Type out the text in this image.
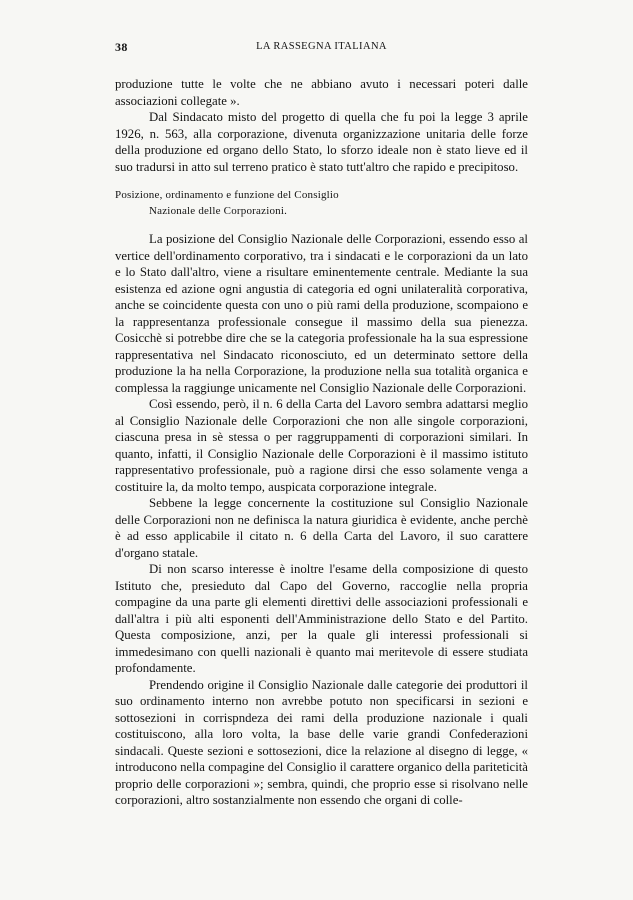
38	LA RASSEGNA ITALIANA

produzione tutte le volte che ne abbiano avuto i necessari poteri dalle associazioni collegate ».

Dal Sindacato misto del progetto di quella che fu poi la legge 3 aprile 1926, n. 563, alla corporazione, divenuta organizzazione unitaria delle forze della produzione ed organo dello Stato, lo sforzo ideale non è stato lieve ed il suo tradursi in atto sul terreno pratico è stato tutt'altro che rapido e precipitoso.

Posizione, ordinamento e funzione del Consiglio
Nazionale delle Corporazioni.

La posizione del Consiglio Nazionale delle Corporazioni, essendo esso al vertice dell'ordinamento corporativo, tra i sindacati e le corporazioni da un lato e lo Stato dall'altro, viene a risultare eminentemente centrale. Mediante la sua esistenza ed azione ogni angustia di categoria ed ogni unilateralità corporativa, anche se coincidente questa con uno o più rami della produzione, scompaiono e la rappresentanza professionale consegue il massimo della sua pienezza. Cosicchè si potrebbe dire che se la categoria professionale ha la sua espressione rappresentativa nel Sindacato riconosciuto, ed un determinato settore della produzione la ha nella Corporazione, la produzione nella sua totalità organica e complessa la raggiunge unicamente nel Consiglio Nazionale delle Corporazioni.

Così essendo, però, il n. 6 della Carta del Lavoro sembra adattarsi meglio al Consiglio Nazionale delle Corporazioni che non alle singole corporazioni, ciascuna presa in sè stessa o per raggruppamenti di corporazioni similari. In quanto, infatti, il Consiglio Nazionale delle Corporazioni è il massimo istituto rappresentativo professionale, può a ragione dirsi che esso solamente venga a costituire la, da molto tempo, auspicata corporazione integrale.

Sebbene la legge concernente la costituzione sul Consiglio Nazionale delle Corporazioni non ne definisca la natura giuridica è evidente, anche perchè è ad esso applicabile il citato n. 6 della Carta del Lavoro, il suo carattere d'organo statale.

Di non scarso interesse è inoltre l'esame della composizione di questo Istituto che, presieduto dal Capo del Governo, raccoglie nella propria compagine da una parte gli elementi direttivi delle associazioni professionali e dall'altra i più alti esponenti dell'Amministrazione dello Stato e del Partito. Questa composizione, anzi, per la quale gli interessi professionali si immedesimano con quelli nazionali è quanto mai meritevole di essere studiata profondamente.

Prendendo origine il Consiglio Nazionale dalle categorie dei produttori il suo ordinamento interno non avrebbe potuto non specificarsi in sezioni e sottosezioni in corrispndeza dei rami della produzione nazionale i quali costituiscono, alla loro volta, la base delle varie grandi Confederazioni sindacali. Queste sezioni e sottosezioni, dice la relazione al disegno di legge, « introducono nella compagine del Consiglio il carattere organico della pariteticità proprio delle corporazioni »; sembra, quindi, che proprio esse si risolvano nelle corporazioni, altro sostanzialmente non essendo che organi di colle-
